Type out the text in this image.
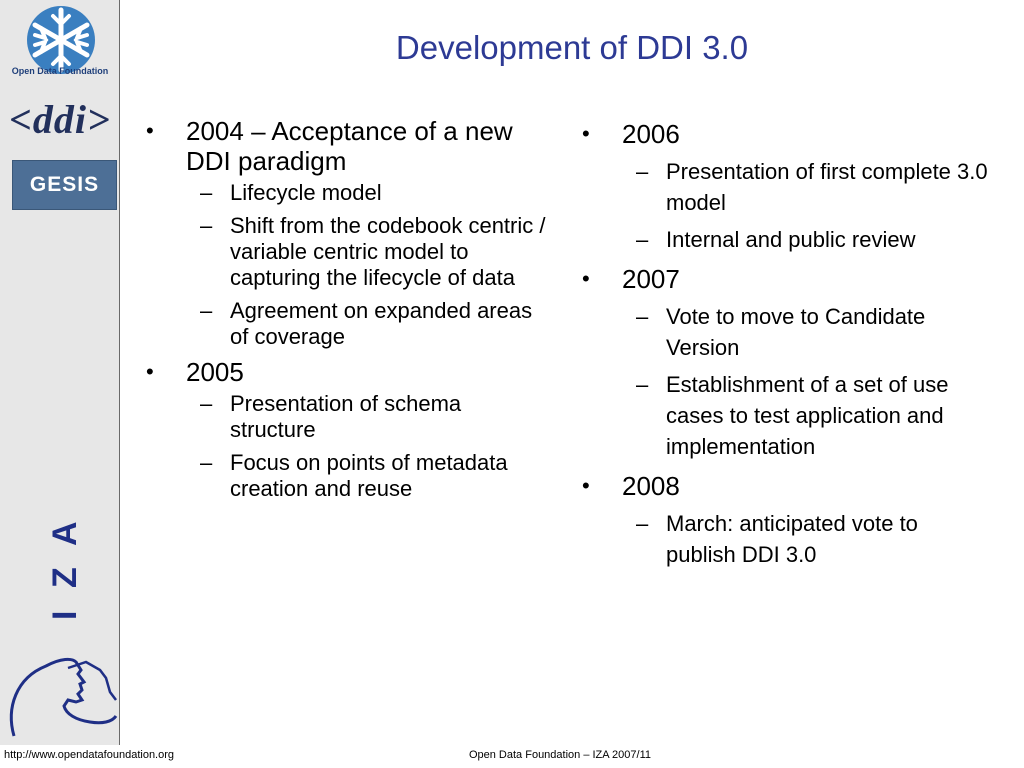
Open Data Foundation
<ddi>
GESIS
I
Z
A
Development of DDI 3.0
•	2004 – Acceptance of a new DDI paradigm
– Lifecycle model
– Shift from the codebook centric / variable centric model to capturing the lifecycle of data
– Agreement on expanded areas of coverage
•	2005
– Presentation of schema structure
– Focus on points of metadata creation and reuse
•	2006
– Presentation of first complete 3.0 model
– Internal and public review
•	2007
– Vote to move to Candidate Version
– Establishment of a set of use cases to test application and implementation
•	2008
– March: anticipated vote to publish DDI 3.0
http://www.opendatafoundation.org	Open Data Foundation – IZA 2007/11
